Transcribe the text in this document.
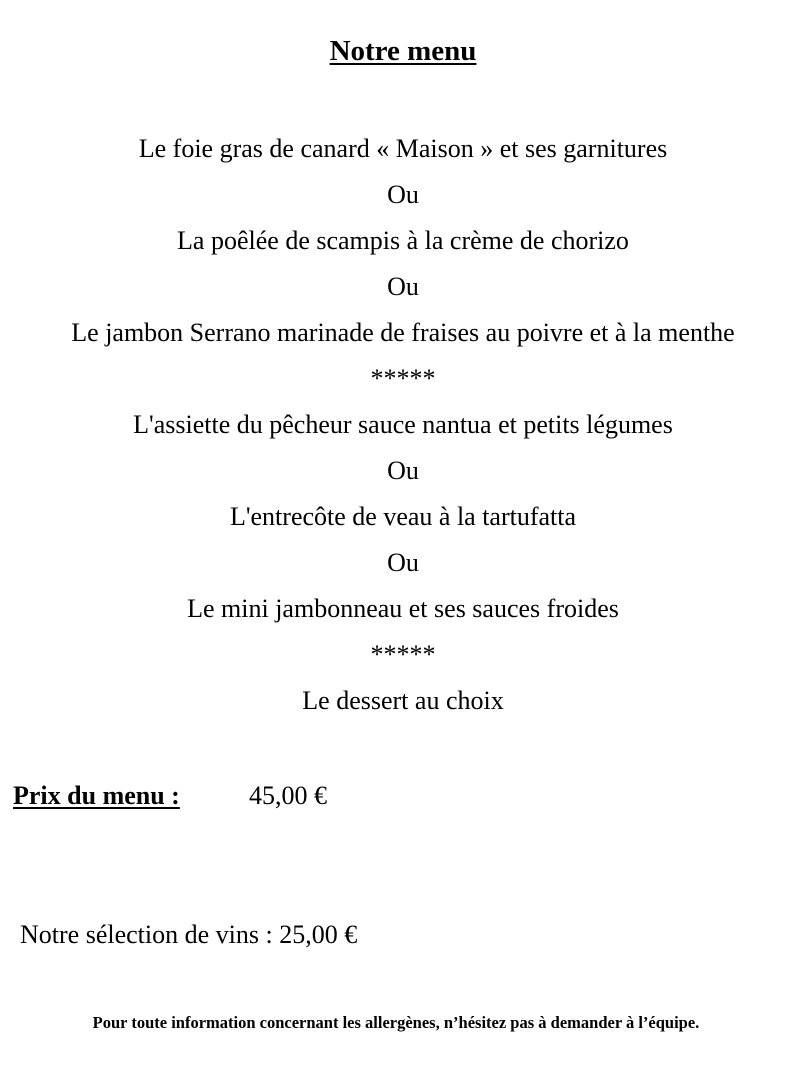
Notre menu
Le foie gras de canard « Maison » et ses garnitures
Ou
La poêlée de scampis à la crème de chorizo
Ou
Le jambon Serrano marinade de fraises au poivre et à la menthe
*****
L'assiette du pêcheur sauce nantua et petits légumes
Ou
L'entrecôte de veau à la tartufatta
Ou
Le mini jambonneau et ses sauces froides
*****
Le dessert au choix
Prix du menu :	45,00 €
Notre sélection de vins : 25,00 €
Pour toute information concernant les allergènes, n’hésitez pas à demander à l’équipe.
